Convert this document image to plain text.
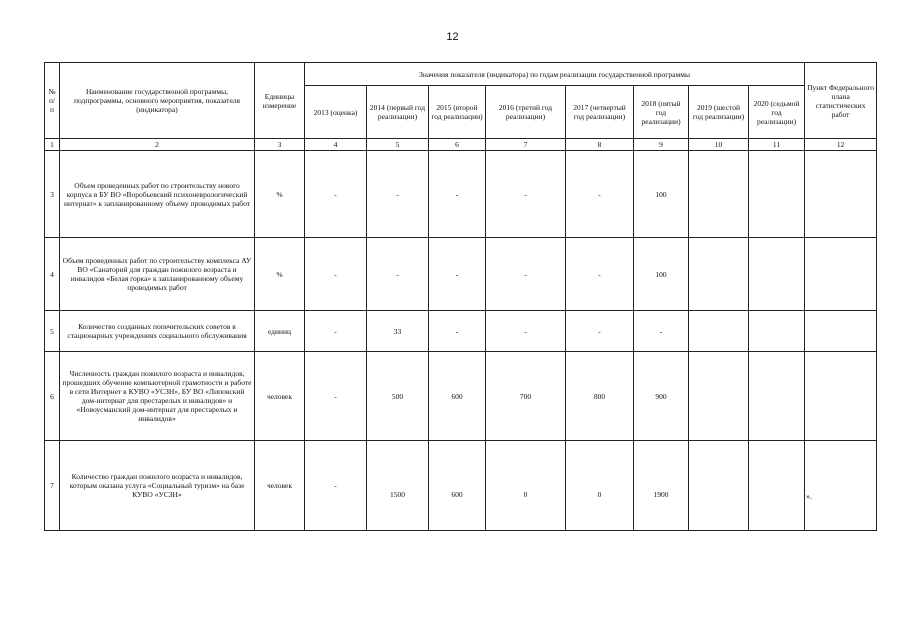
12
№ п/п	Наименование государственной программы, подпрограммы, основного мероприятия, показателя (индикатора)	Единицы измерение	Значения показателя (индикатора) по годам реализации государственной программы								Пункт Федерального плана статистических работ
			2013 (оценка)	2014 (первый год реализации)	2015 (второй год реализации)	2016 (третий год реализации)	2017 (четвертый год реализации)	2018 (пятый год реализации)	2019 (шестой год реализации)	2020 (седьмой год реализации)	
1	2	3	4	5	6	7	8	9	10	11	12
3	Объем проведенных работ по строительству нового корпуса в БУ ВО «Воробьевский психоневрологический интернат» к запланированному объему проводимых работ	%	-	-	-	-	-	100			
4	Объем проведенных работ по строительству комплекса АУ ВО «Санаторий для граждан пожилого возраста и инвалидов «Белая горка» к запланированному объему проводимых работ	%	-	-	-	-	-	100			
5	Количество созданных попечительских советов в стационарных учреждениях социального обслуживания	единиц	-	33	-	-	-	-			
6	Численность граждан пожилого возраста и инвалидов, прошедших обучение компьютерной грамотности и работе в сети Интернет в КУВО «УСЗН», БУ ВО «Липовский дом-интернат для престарелых и инвалидов» и «Новоусманский дом-интернат для престарелых и инвалидов»	человек	-	500	600	700	800	900			
7	Количество граждан пожилого возраста и инвалидов, которым оказана услуга «Социальный туризм» на базе КУВО «УСЗН»	человек	-	1500	600	0	0	1900				».
